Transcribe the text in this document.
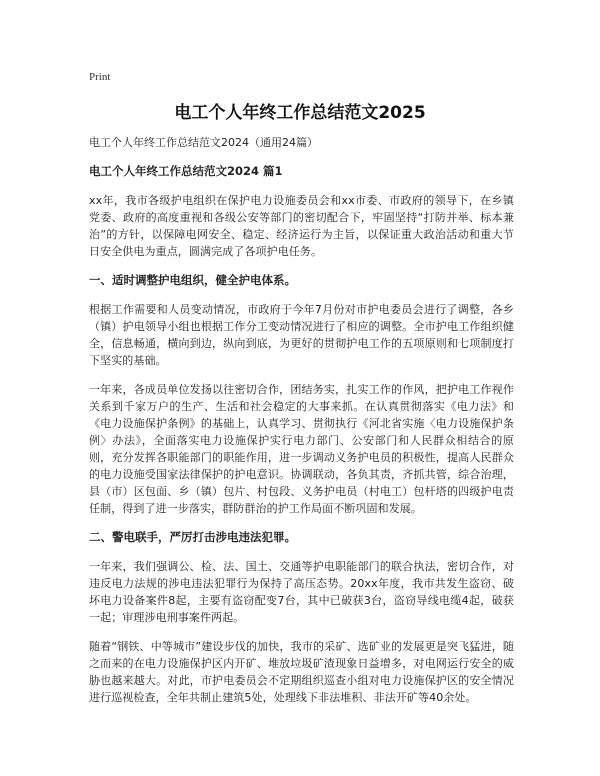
Print
电工个人年终工作总结范文2025

电工个人年终工作总结范文2024（通用24篇）

电工个人年终工作总结范文2024 篇1

xx年，我市各级护电组织在保护电力设施委员会和xx市委、市政府的领导下，在乡镇党委、政府的高度重视和各级公安等部门的密切配合下，牢固坚持“打防并举、标本兼治”的方针，以保障电网安全、稳定、经济运行为主旨，以保证重大政治活动和重大节日安全供电为重点，圆满完成了各项护电任务。

一、适时调整护电组织，健全护电体系。

根据工作需要和人员变动情况，市政府于今年7月份对市护电委员会进行了调整，各乡（镇）护电领导小组也根据工作分工变动情况进行了相应的调整。全市护电工作组织健全，信息畅通，横向到边，纵向到底，为更好的贯彻护电工作的五项原则和七项制度打下坚实的基础。

一年来，各成员单位发扬以往密切合作，团结务实，扎实工作的作风，把护电工作视作关系到千家万户的生产、生活和社会稳定的大事来抓。在认真贯彻落实《电力法》和《电力设施保护条例》的基础上，认真学习、贯彻执行《河北省实施〈电力设施保护条例〉办法》，全面落实电力设施保护实行电力部门、公安部门和人民群众相结合的原则，充分发挥各职能部门的职能作用，进一步调动义务护电员的积极性，提高人民群众的电力设施受国家法律保护的护电意识。协调联动，各负其责，齐抓共管，综合治理，县（市）区包面、乡（镇）包片、村包段、义务护电员（村电工）包杆塔的四级护电责任制，得到了进一步落实，群防群治的护工作局面不断巩固和发展。

二、警电联手，严厉打击涉电违法犯罪。

一年来，我们强调公、检、法、国土、交通等护电职能部门的联合执法，密切合作，对违反电力法规的涉电违法犯罪行为保持了高压态势。20xx年度，我市共发生盗窃、破坏电力设备案件8起，主要有盗窃配变7台，其中已破获3台，盗窃导线电缆4起，破获一起；审理涉电刑事案件两起。

随着“钢铁、中等城市”建设步伐的加快，我市的采矿、选矿业的发展更是突飞猛进，随之而来的在电力设施保护区内开矿、堆放垃圾矿渣现象日益增多，对电网运行安全的威胁也越来越大。对此，市护电委员会不定期组织巡查小组对电力设施保护区的安全情况进行巡视检查，全年共制止建筑5处，处理线下非法堆积、非法开矿等40余处。
